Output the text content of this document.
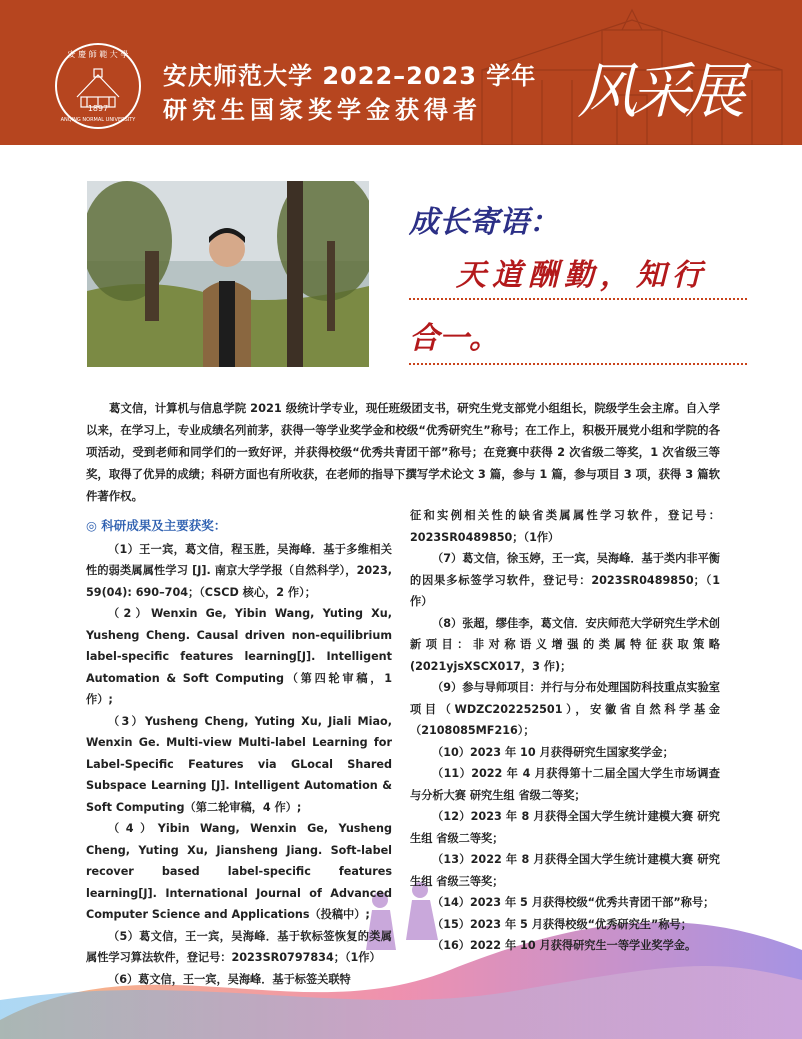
安 慶 師 範 大 學
1897
ANQING NORMAL UNIVERSITY
安庆师范大学 2022–2023 学年
研究生国家奖学金获得者 风采展
成长寄语：
天道酬勤，知行
合一。
葛文信，计算机与信息学院 2021 级统计学专业，现任班级团支书，研究生党支部党小组组长，院级学生会主席。自入学以来，在学习上，专业成绩名列前茅，获得一等学业奖学金和校级“优秀研究生”称号；在工作上，积极开展党小组和学院的各项活动，受到老师和同学们的一致好评，并获得校级“优秀共青团干部”称号；在竞赛中获得 2 次省级二等奖，1 次省级三等奖，取得了优异的成绩；科研方面也有所收获，在老师的指导下撰写学术论文 3 篇，参与 1 篇，参与项目 3 项，获得 3 篇软件著作权。
◎ 科研成果及主要获奖：

（1）王一宾，葛文信，程玉胜，吴海峰．基于多维相关性的弱类属属性学习 [J]. 南京大学学报（自然科学），2023, 59(04): 690–704；（CSCD 核心，2 作）；

（2）Wenxin Ge, Yibin Wang, Yuting Xu, Yusheng Cheng. Causal driven non-equilibrium label-specific features learning[J]. Intelligent Automation & Soft Computing（第四轮审稿，1 作）;

（3）Yusheng Cheng, Yuting Xu, Jiali Miao, Wenxin Ge. Multi-view Multi-label Learning for Label-Specific Features via GLocal Shared Subspace Learning [J]. Intelligent Automation & Soft Computing（第二轮审稿，4 作）;

（4）Yibin Wang, Wenxin Ge, Yusheng Cheng, Yuting Xu, Jiansheng Jiang. Soft-label recover based label-specific features learning[J]. International Journal of Advanced Computer Science and Applications（投稿中）;

（5）葛文信，王一宾，吴海峰．基于软标签恢复的类属属性学习算法软件，登记号：2023SR0797834；（1作）

（6）葛文信，王一宾，吴海峰．基于标签关联特

征和实例相关性的缺省类属属性学习软件，登记号：2023SR0489850；（1作）

（7）葛文信，徐玉婷，王一宾，吴海峰．基于类内非平衡的因果多标签学习软件，登记号：2023SR0489850；（1作）

（8）张超，缪佳李，葛文信．安庆师范大学研究生学术创新项目：非对称语义增强的类属特征获取策略(2021yjsXSCX017，3 作)；

（9）参与导师项目：并行与分布处理国防科技重点实验室项目（WDZC202252501），安徽省自然科学基金（2108085MF216）；

（10）2023 年 10 月获得研究生国家奖学金；

（11）2022 年 4 月获得第十二届全国大学生市场调查与分析大赛 研究生组 省级二等奖；

（12）2023 年 8 月获得全国大学生统计建模大赛 研究生组 省级二等奖；

（13）2022 年 8 月获得全国大学生统计建模大赛 研究生组 省级三等奖；

（14）2023 年 5 月获得校级“优秀共青团干部”称号；

（15）2023 年 5 月获得校级“优秀研究生”称号；

（16）2022 年 10 月获得研究生一等学业奖学金。
